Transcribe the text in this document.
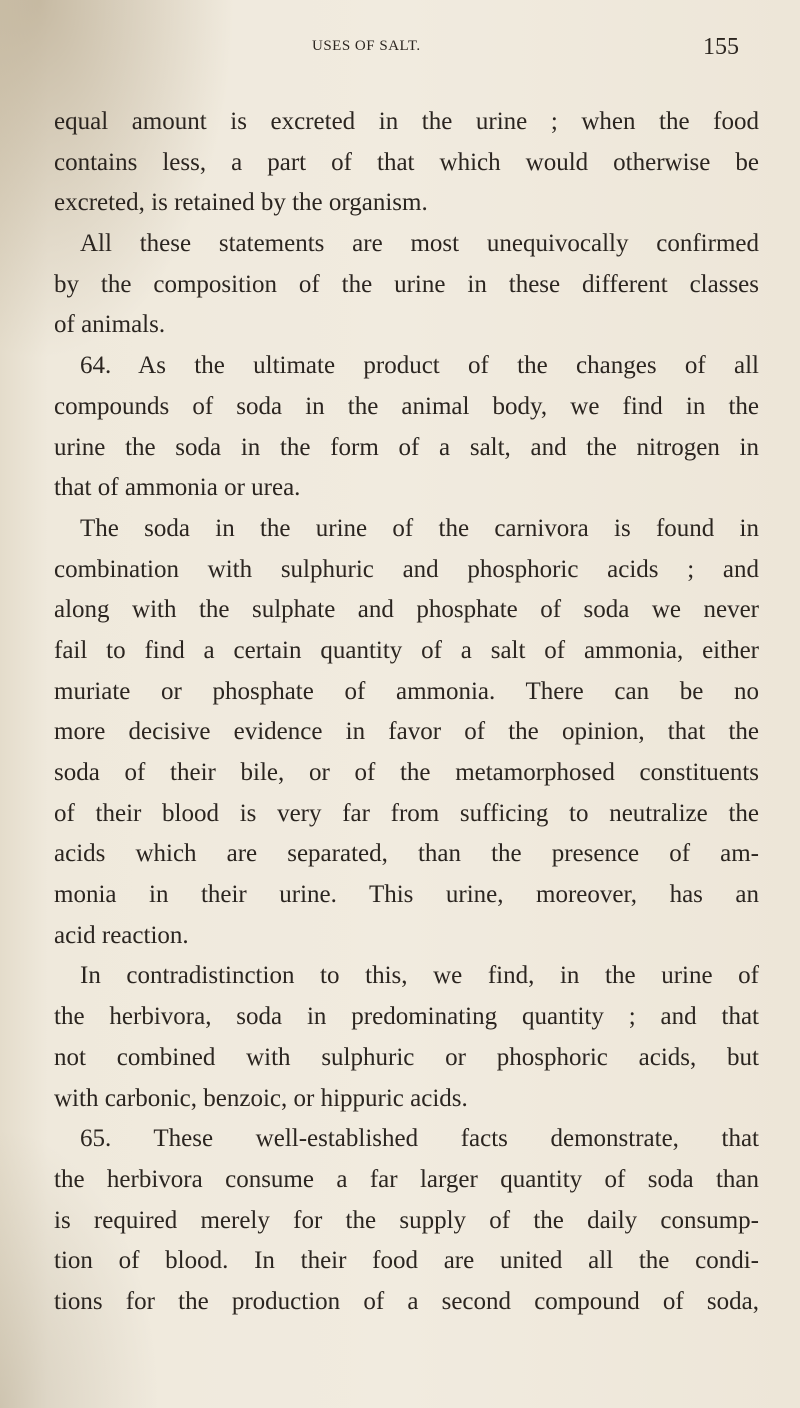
USES OF SALT.	155
equal amount is excreted in the urine ; when the food
contains less, a part of that which would otherwise be
excreted, is retained by the organism.
All these statements are most unequivocally confirmed
by the composition of the urine in these different classes
of animals.
64. As the ultimate product of the changes of all
compounds of soda in the animal body, we find in the
urine the soda in the form of a salt, and the nitrogen in
that of ammonia or urea.
The soda in the urine of the carnivora is found in
combination with sulphuric and phosphoric acids ; and
along with the sulphate and phosphate of soda we never
fail to find a certain quantity of a salt of ammonia, either
muriate or phosphate of ammonia. There can be no
more decisive evidence in favor of the opinion, that the
soda of their bile, or of the metamorphosed constituents
of their blood is very far from sufficing to neutralize the
acids which are separated, than the presence of am-
monia in their urine. This urine, moreover, has an
acid reaction.
In contradistinction to this, we find, in the urine of
the herbivora, soda in predominating quantity ; and that
not combined with sulphuric or phosphoric acids, but
with carbonic, benzoic, or hippuric acids.
65. These well-established facts demonstrate, that
the herbivora consume a far larger quantity of soda than
is required merely for the supply of the daily consump-
tion of blood. In their food are united all the condi-
tions for the production of a second compound of soda,
